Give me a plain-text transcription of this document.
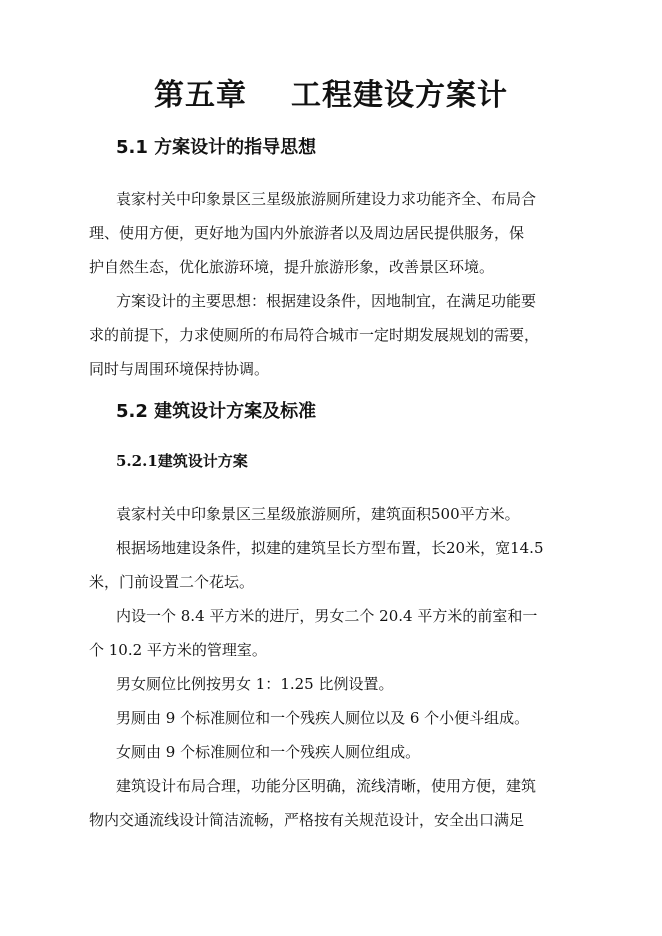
第五章 工程建设方案计
5.1 方案设计的指导思想
袁家村关中印象景区三星级旅游厕所建设力求功能齐全、布局合
理、使用方便，更好地为国内外旅游者以及周边居民提供服务，保
护自然生态，优化旅游环境，提升旅游形象，改善景区环境。
方案设计的主要思想：根据建设条件，因地制宜，在满足功能要
求的前提下，力求使厕所的布局符合城市一定时期发展规划的需要，
同时与周围环境保持协调。
5.2 建筑设计方案及标准
5.2.1建筑设计方案
袁家村关中印象景区三星级旅游厕所，建筑面积500平方米。
根据场地建设条件，拟建的建筑呈长方型布置，长20米，宽14.5
米，门前设置二个花坛。
内设一个 8.4 平方米的进厅，男女二个 20.4 平方米的前室和一
个 10.2 平方米的管理室。
男女厕位比例按男女 1：1.25 比例设置。
男厕由 9 个标准厕位和一个残疾人厕位以及 6 个小便斗组成。
女厕由 9 个标准厕位和一个残疾人厕位组成。
建筑设计布局合理，功能分区明确，流线清晰，使用方便，建筑
物内交通流线设计简洁流畅，严格按有关规范设计，安全出口满足
